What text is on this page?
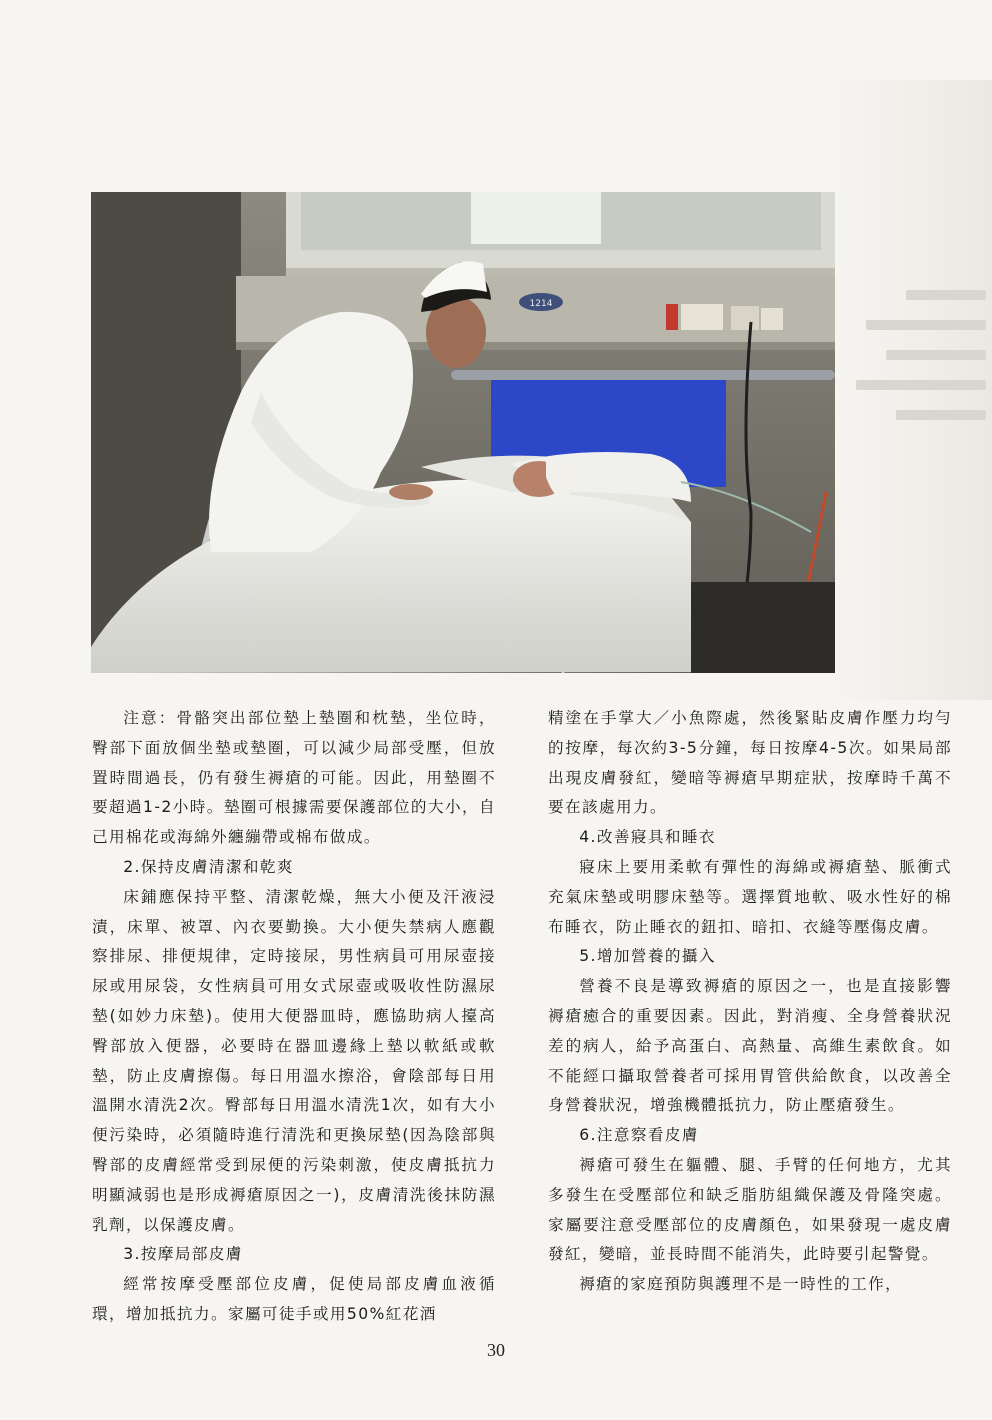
1214

注意：骨骼突出部位墊上墊圈和枕墊，坐位時，臀部下面放個坐墊或墊圈，可以減少局部受壓，但放置時間過長，仍有發生褥瘡的可能。因此，用墊圈不要超過1-2小時。墊圈可根據需要保護部位的大小，自己用棉花或海綿外纏繃帶或棉布做成。

2.保持皮膚清潔和乾爽

床鋪應保持平整、清潔乾燥，無大小便及汗液浸漬，床單、被罩、內衣要勤換。大小便失禁病人應觀察排尿、排便規律，定時接尿，男性病員可用尿壺接尿或用尿袋，女性病員可用女式尿壺或吸收性防濕尿墊(如妙力床墊)。使用大便器皿時，應協助病人擡高臀部放入便器，必要時在器皿邊緣上墊以軟紙或軟墊，防止皮膚擦傷。每日用溫水擦浴，會陰部每日用溫開水清洗2次。臀部每日用溫水清洗1次，如有大小便污染時，必須隨時進行清洗和更換尿墊(因為陰部與臀部的皮膚經常受到尿便的污染刺激，使皮膚抵抗力明顯減弱也是形成褥瘡原因之一)，皮膚清洗後抹防濕乳劑，以保護皮膚。

3.按摩局部皮膚

經常按摩受壓部位皮膚，促使局部皮膚血液循環，增加抵抗力。家屬可徒手或用50%紅花酒

精塗在手掌大／小魚際處，然後緊貼皮膚作壓力均勻的按摩，每次約3-5分鐘，每日按摩4-5次。如果局部出現皮膚發紅，變暗等褥瘡早期症狀，按摩時千萬不要在該處用力。

4.改善寢具和睡衣

寢床上要用柔軟有彈性的海綿或褥瘡墊、脈衝式充氣床墊或明膠床墊等。選擇質地軟、吸水性好的棉布睡衣，防止睡衣的鈕扣、暗扣、衣縫等壓傷皮膚。

5.增加營養的攝入

營養不良是導致褥瘡的原因之一，也是直接影響褥瘡癒合的重要因素。因此，對消瘦、全身營養狀況差的病人，給予高蛋白、高熱量、高維生素飲食。如不能經口攝取營養者可採用胃管供給飲食，以改善全身營養狀況，增強機體抵抗力，防止壓瘡發生。

6.注意察看皮膚

褥瘡可發生在軀體、腿、手臂的任何地方，尤其多發生在受壓部位和缺乏脂肪組織保護及骨隆突處。家屬要注意受壓部位的皮膚顏色，如果發現一處皮膚發紅，變暗，並長時間不能消失，此時要引起警覺。

褥瘡的家庭預防與護理不是一時性的工作，

30
